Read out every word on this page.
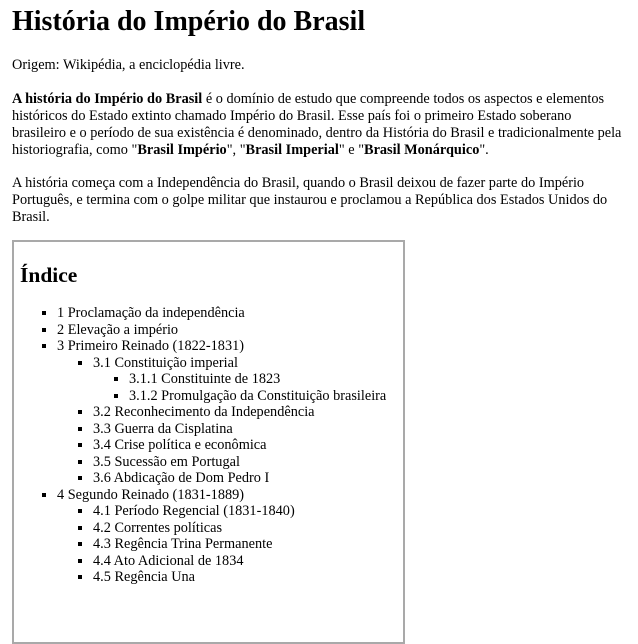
História do Império do Brasil

Origem: Wikipédia, a enciclopédia livre.

A história do Império do Brasil é o domínio de estudo que compreende todos os aspectos e elementos históricos do Estado extinto chamado Império do Brasil. Esse país foi o primeiro Estado soberano brasileiro e o período de sua existência é denominado, dentro da História do Brasil e tradicionalmente pela historiografia, como "Brasil Império", "Brasil Imperial" e "Brasil Monárquico".

A história começa com a Independência do Brasil, quando o Brasil deixou de fazer parte do Império Português, e termina com o golpe militar que instaurou e proclamou a República dos Estados Unidos do Brasil.

Índice
▪ 1 Proclamação da independência
▪ 2 Elevação a império
▪ 3 Primeiro Reinado (1822-1831)
▪ 3.1 Constituição imperial
▪ 3.1.1 Constituinte de 1823
▪ 3.1.2 Promulgação da Constituição brasileira
▪ 3.2 Reconhecimento da Independência
▪ 3.3 Guerra da Cisplatina
▪ 3.4 Crise política e econômica
▪ 3.5 Sucessão em Portugal
▪ 3.6 Abdicação de Dom Pedro I
▪ 4 Segundo Reinado (1831-1889)
▪ 4.1 Período Regencial (1831-1840)
▪ 4.2 Correntes políticas
▪ 4.3 Regência Trina Permanente
▪ 4.4 Ato Adicional de 1834
▪ 4.5 Regência Una
